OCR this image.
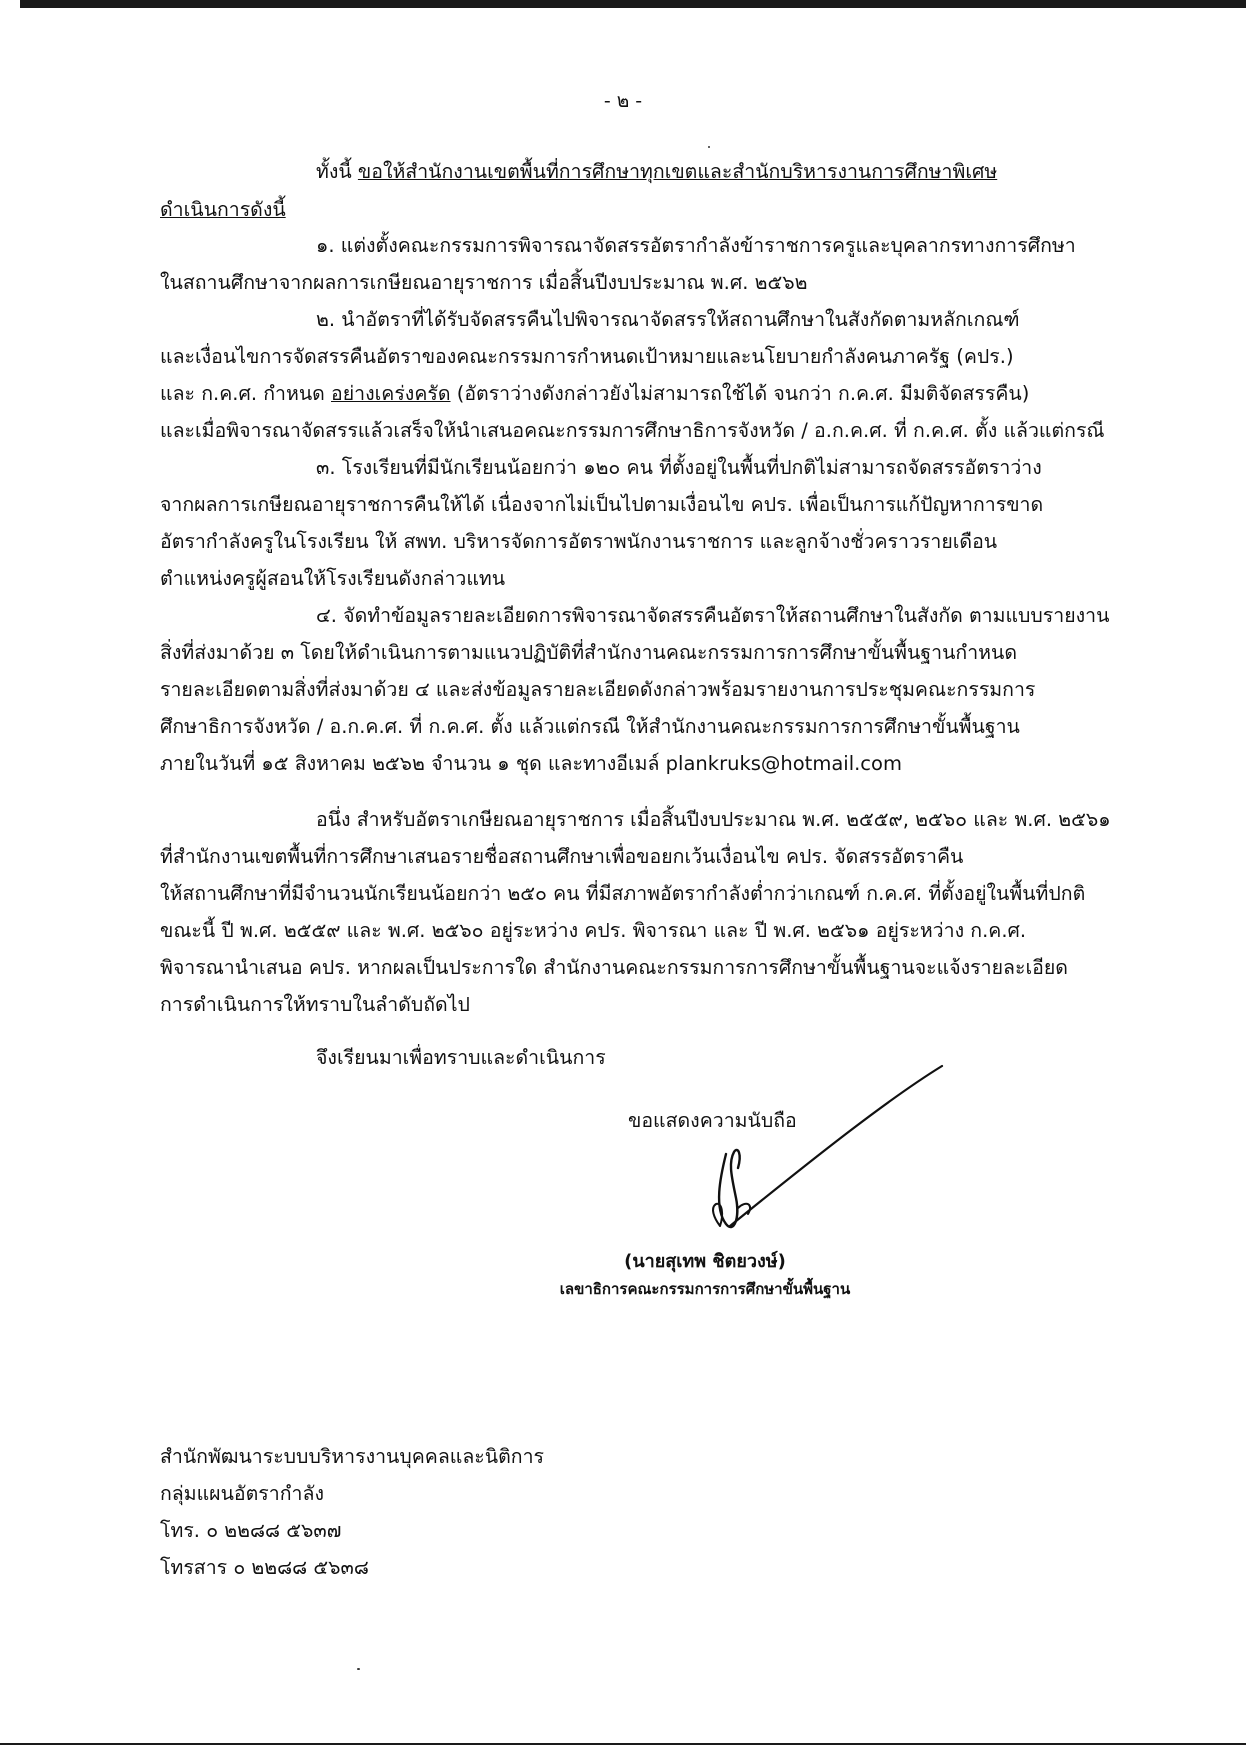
- ๒ -
ทั้งนี้ ขอให้สำนักงานเขตพื้นที่การศึกษาทุกเขตและสำนักบริหารงานการศึกษาพิเศษ
ดำเนินการดังนี้
๑. แต่งตั้งคณะกรรมการพิจารณาจัดสรรอัตรากำลังข้าราชการครูและบุคลากรทางการศึกษา
ในสถานศึกษาจากผลการเกษียณอายุราชการ เมื่อสิ้นปีงบประมาณ พ.ศ. ๒๕๖๒
๒. นำอัตราที่ได้รับจัดสรรคืนไปพิจารณาจัดสรรให้สถานศึกษาในสังกัดตามหลักเกณฑ์
และเงื่อนไขการจัดสรรคืนอัตราของคณะกรรมการกำหนดเป้าหมายและนโยบายกำลังคนภาครัฐ (คปร.)
และ ก.ค.ศ. กำหนด อย่างเคร่งครัด (อัตราว่างดังกล่าวยังไม่สามารถใช้ได้ จนกว่า ก.ค.ศ. มีมติจัดสรรคืน)
และเมื่อพิจารณาจัดสรรแล้วเสร็จให้นำเสนอคณะกรรมการศึกษาธิการจังหวัด / อ.ก.ค.ศ. ที่ ก.ค.ศ. ตั้ง แล้วแต่กรณี
๓. โรงเรียนที่มีนักเรียนน้อยกว่า ๑๒๐ คน ที่ตั้งอยู่ในพื้นที่ปกติไม่สามารถจัดสรรอัตราว่าง
จากผลการเกษียณอายุราชการคืนให้ได้ เนื่องจากไม่เป็นไปตามเงื่อนไข คปร. เพื่อเป็นการแก้ปัญหาการขาด
อัตรากำลังครูในโรงเรียน ให้ สพท. บริหารจัดการอัตราพนักงานราชการ และลูกจ้างชั่วคราวรายเดือน
ตำแหน่งครูผู้สอนให้โรงเรียนดังกล่าวแทน
๔. จัดทำข้อมูลรายละเอียดการพิจารณาจัดสรรคืนอัตราให้สถานศึกษาในสังกัด ตามแบบรายงาน
สิ่งที่ส่งมาด้วย ๓ โดยให้ดำเนินการตามแนวปฏิบัติที่สำนักงานคณะกรรมการการศึกษาขั้นพื้นฐานกำหนด
รายละเอียดตามสิ่งที่ส่งมาด้วย ๔ และส่งข้อมูลรายละเอียดดังกล่าวพร้อมรายงานการประชุมคณะกรรมการ
ศึกษาธิการจังหวัด / อ.ก.ค.ศ. ที่ ก.ค.ศ. ตั้ง แล้วแต่กรณี ให้สำนักงานคณะกรรมการการศึกษาขั้นพื้นฐาน
ภายในวันที่ ๑๕ สิงหาคม ๒๕๖๒ จำนวน ๑ ชุด และทางอีเมล์ plankruks@hotmail.com
อนึ่ง สำหรับอัตราเกษียณอายุราชการ เมื่อสิ้นปีงบประมาณ พ.ศ. ๒๕๕๙, ๒๕๖๐ และ พ.ศ. ๒๕๖๑
ที่สำนักงานเขตพื้นที่การศึกษาเสนอรายชื่อสถานศึกษาเพื่อขอยกเว้นเงื่อนไข คปร. จัดสรรอัตราคืน
ให้สถานศึกษาที่มีจำนวนนักเรียนน้อยกว่า ๒๕๐ คน ที่มีสภาพอัตรากำลังต่ำกว่าเกณฑ์ ก.ค.ศ. ที่ตั้งอยู่ในพื้นที่ปกติ
ขณะนี้ ปี พ.ศ. ๒๕๕๙ และ พ.ศ. ๒๕๖๐ อยู่ระหว่าง คปร. พิจารณา และ ปี พ.ศ. ๒๕๖๑ อยู่ระหว่าง ก.ค.ศ.
พิจารณานำเสนอ คปร. หากผลเป็นประการใด สำนักงานคณะกรรมการการศึกษาขั้นพื้นฐานจะแจ้งรายละเอียด
การดำเนินการให้ทราบในลำดับถัดไป
จึงเรียนมาเพื่อทราบและดำเนินการ
ขอแสดงความนับถือ
(นายสุเทพ ชิตยวงษ์)
เลขาธิการคณะกรรมการการศึกษาขั้นพื้นฐาน
สำนักพัฒนาระบบบริหารงานบุคคลและนิติการ
กลุ่มแผนอัตรากำลัง
โทร. ๐ ๒๒๘๘ ๕๖๓๗
โทรสาร ๐ ๒๒๘๘ ๕๖๓๘
